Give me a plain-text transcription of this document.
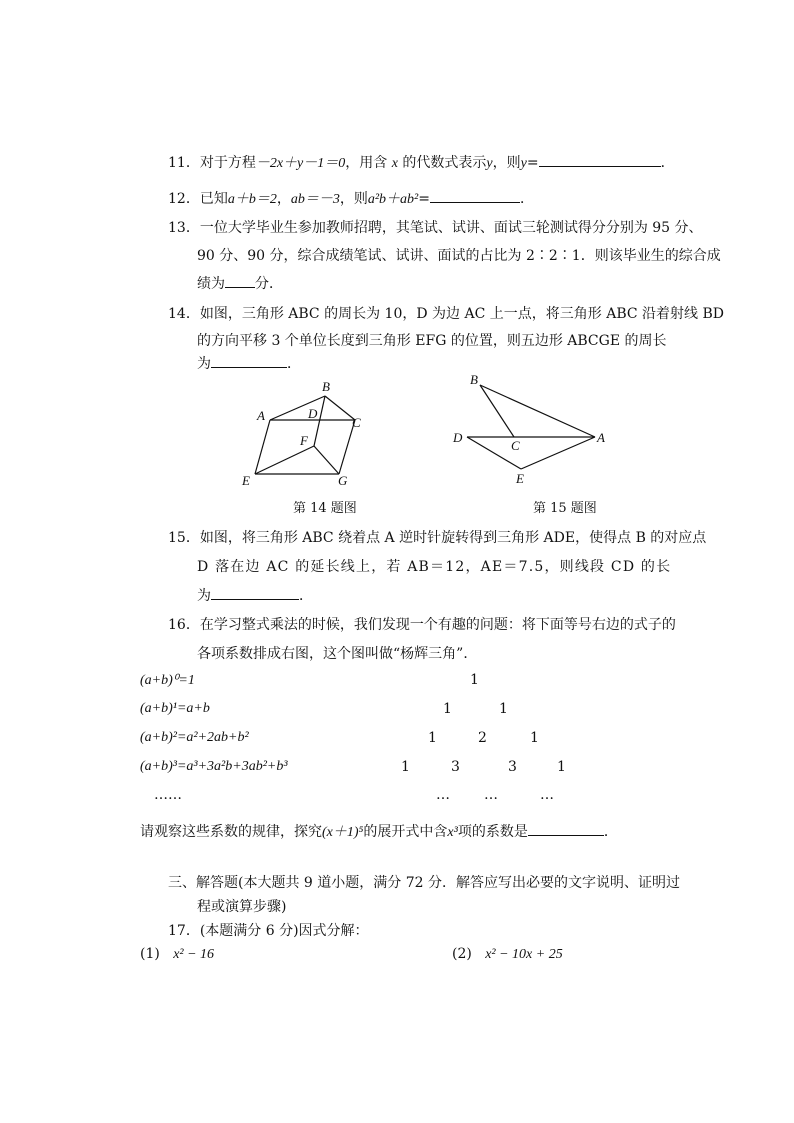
11．对于方程－2x＋y－1＝0，用含 x 的代数式表示y，则y=	．
12．已知a＋b＝2，ab＝－3，则a²b＋ab²=	．
13．一位大学毕业生参加教师招聘，其笔试、试讲、面试三轮测试得分分别为 95 分、
90 分、90 分，综合成绩笔试、试讲、面试的占比为 2∶2∶1．则该毕业生的综合成
绩为 分．
14．如图，三角形 ABC 的周长为 10，D 为边 AC 上一点，将三角形 ABC 沿着射线 BD
的方向平移 3 个单位长度到三角形 EFG 的位置，则五边形 ABCGE 的周长
为	．
B
A	D
C
F
E	G
第 14 题图
B
D
C
A
E
第 15 题图
15．如图，将三角形 ABC 绕着点 A 逆时针旋转得到三角形 ADE，使得点 B 的对应点
D 落在边 AC 的延长线上，若 AB＝12，AE＝7.5，则线段 CD 的长
为	．
16．在学习整式乘法的时候，我们发现一个有趣的问题：将下面等号右边的式子的
各项系数排成右图，这个图叫做“杨辉三角”．
(a+b)⁰=1
(a+b)¹=a+b
(a+b)²=a²+2ab+b²
(a+b)³=a³+3a²b+3ab²+b³
……
1
1	1
1	2	1
1	3	3	1
… …	…
请观察这些系数的规律，探究(x＋1)⁵的展开式中含x³项的系数是	．
三、解答题(本大题共 9 道小题，满分 72 分．解答应写出必要的文字说明、证明过
程或演算步骤)
17．(本题满分 6 分)因式分解：
(1) x² − 16	(2) x² − 10x + 25
